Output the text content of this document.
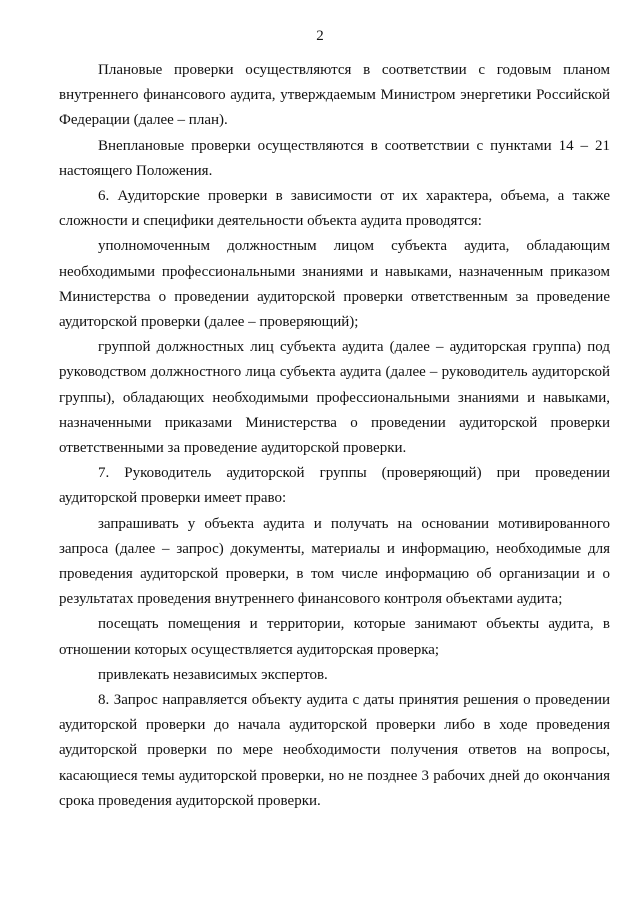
2

Плановые проверки осуществляются в соответствии с годовым планом внутреннего финансового аудита, утверждаемым Министром энергетики Российской Федерации (далее – план).

Внеплановые проверки осуществляются в соответствии с пунктами 14 – 21 настоящего Положения.

6. Аудиторские проверки в зависимости от их характера, объема, а также сложности и специфики деятельности объекта аудита проводятся:

уполномоченным должностным лицом субъекта аудита, обладающим необходимыми профессиональными знаниями и навыками, назначенным приказом Министерства о проведении аудиторской проверки ответственным за проведение аудиторской проверки (далее – проверяющий);

группой должностных лиц субъекта аудита (далее – аудиторская группа) под руководством должностного лица субъекта аудита (далее – руководитель аудиторской группы), обладающих необходимыми профессиональными знаниями и навыками, назначенными приказами Министерства о проведении аудиторской проверки ответственными за проведение аудиторской проверки.

7. Руководитель аудиторской группы (проверяющий) при проведении аудиторской проверки имеет право:

запрашивать у объекта аудита и получать на основании мотивированного запроса (далее – запрос) документы, материалы и информацию, необходимые для проведения аудиторской проверки, в том числе информацию об организации и о результатах проведения внутреннего финансового контроля объектами аудита;

посещать помещения и территории, которые занимают объекты аудита, в отношении которых осуществляется аудиторская проверка;

привлекать независимых экспертов.

8. Запрос направляется объекту аудита с даты принятия решения о проведении аудиторской проверки до начала аудиторской проверки либо в ходе проведения аудиторской проверки по мере необходимости получения ответов на вопросы, касающиеся темы аудиторской проверки, но не позднее 3 рабочих дней до окончания срока проведения аудиторской проверки.
